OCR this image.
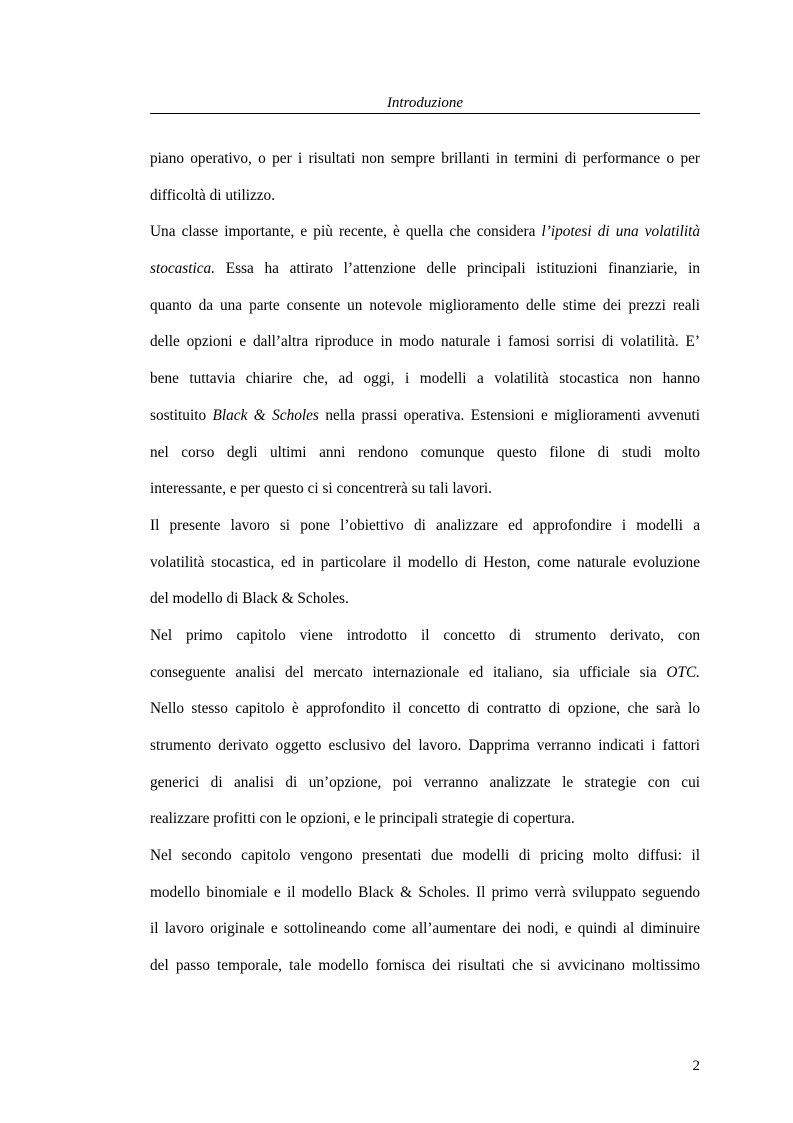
Introduzione
piano operativo, o per i risultati non sempre brillanti in termini di performance o per
difficoltà di utilizzo.
Una classe importante, e più recente, è quella che considera l’ipotesi di una volatilità
stocastica. Essa ha attirato l’attenzione delle principali istituzioni finanziarie, in
quanto da una parte consente un notevole miglioramento delle stime dei prezzi reali
delle opzioni e dall’altra riproduce in modo naturale i famosi sorrisi di volatilità. E’
bene tuttavia chiarire che, ad oggi, i modelli a volatilità stocastica non hanno
sostituito Black & Scholes nella prassi operativa. Estensioni e miglioramenti avvenuti
nel corso degli ultimi anni rendono comunque questo filone di studi molto
interessante, e per questo ci si concentrerà su tali lavori.
Il presente lavoro si pone l’obiettivo di analizzare ed approfondire i modelli a
volatilità stocastica, ed in particolare il modello di Heston, come naturale evoluzione
del modello di Black & Scholes.
Nel primo capitolo viene introdotto il concetto di strumento derivato, con
conseguente analisi del mercato internazionale ed italiano, sia ufficiale sia OTC.
Nello stesso capitolo è approfondito il concetto di contratto di opzione, che sarà lo
strumento derivato oggetto esclusivo del lavoro. Dapprima verranno indicati i fattori
generici di analisi di un’opzione, poi verranno analizzate le strategie con cui
realizzare profitti con le opzioni, e le principali strategie di copertura.
Nel secondo capitolo vengono presentati due modelli di pricing molto diffusi: il
modello binomiale e il modello Black & Scholes. Il primo verrà sviluppato seguendo
il lavoro originale e sottolineando come all’aumentare dei nodi, e quindi al diminuire
del passo temporale, tale modello fornisca dei risultati che si avvicinano moltissimo
2
